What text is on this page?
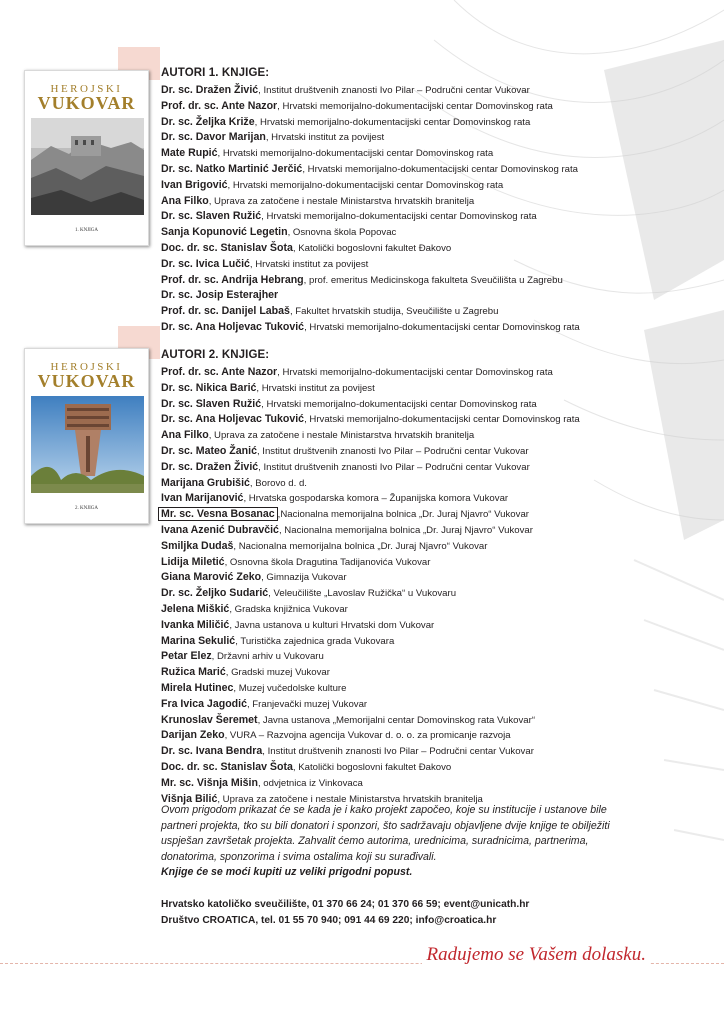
HEROJSKI
VUKOVAR
1. KNJIGA
HEROJSKI
VUKOVAR
2. KNJIGA
AUTORI 1. KNJIGE:
Dr. sc. Dražen Živić, Institut društvenih znanosti Ivo Pilar – Područni centar Vukovar
Prof. dr. sc. Ante Nazor, Hrvatski memorijalno-dokumentacijski centar Domovinskog rata
Dr. sc. Željka Križe, Hrvatski memorijalno-dokumentacijski centar Domovinskog rata
Dr. sc. Davor Marijan, Hrvatski institut za povijest
Mate Rupić, Hrvatski memorijalno-dokumentacijski centar Domovinskog rata
Dr. sc. Natko Martinić Jerčić, Hrvatski memorijalno-dokumentacijski centar Domovinskog rata
Ivan Brigović, Hrvatski memorijalno-dokumentacijski centar Domovinskog rata
Ana Filko, Uprava za zatočene i nestale Ministarstva hrvatskih branitelja
Dr. sc. Slaven Ružić, Hrvatski memorijalno-dokumentacijski centar Domovinskog rata
Sanja Kopunović Legetin, Osnovna škola Popovac
Doc. dr. sc. Stanislav Šota, Katolički bogoslovni fakultet Đakovo
Dr. sc. Ivica Lučić, Hrvatski institut za povijest
Prof. dr. sc. Andrija Hebrang, prof. emeritus Medicinskoga fakulteta Sveučilišta u Zagrebu
Dr. sc. Josip Esterajher
Prof. dr. sc. Danijel Labaš, Fakultet hrvatskih studija, Sveučilište u Zagrebu
Dr. sc. Ana Holjevac Tuković, Hrvatski memorijalno-dokumentacijski centar Domovinskog rata
AUTORI 2. KNJIGE:
Prof. dr. sc. Ante Nazor, Hrvatski memorijalno-dokumentacijski centar Domovinskog rata
Dr. sc. Nikica Barić, Hrvatski institut za povijest
Dr. sc. Slaven Ružić, Hrvatski memorijalno-dokumentacijski centar Domovinskog rata
Dr. sc. Ana Holjevac Tuković, Hrvatski memorijalno-dokumentacijski centar Domovinskog rata
Ana Filko, Uprava za zatočene i nestale Ministarstva hrvatskih branitelja
Dr. sc. Mateo Žanić, Institut društvenih znanosti Ivo Pilar – Područni centar Vukovar
Dr. sc. Dražen Živić, Institut društvenih znanosti Ivo Pilar – Područni centar Vukovar
Marijana Grubišić, Borovo d. d.
Ivan Marijanović, Hrvatska gospodarska komora – Županijska komora Vukovar
Mr. sc. Vesna Bosanac ,Nacionalna memorijalna bolnica „Dr. Juraj Njavro“ Vukovar
Ivana Azenić Dubravčić, Nacionalna memorijalna bolnica „Dr. Juraj Njavro“ Vukovar
Smiljka Dudaš, Nacionalna memorijalna bolnica „Dr. Juraj Njavro“ Vukovar
Lidija Miletić, Osnovna škola Dragutina Tadijanovića Vukovar
Giana Marović Zeko, Gimnazija Vukovar
Dr. sc. Željko Sudarić, Veleučilište „Lavoslav Ružička“ u Vukovaru
Jelena Miškić, Gradska knjižnica Vukovar
Ivanka Miličić, Javna ustanova u kulturi Hrvatski dom Vukovar
Marina Sekulić, Turistička zajednica grada Vukovara
Petar Elez, Državni arhiv u Vukovaru
Ružica Marić, Gradski muzej Vukovar
Mirela Hutinec, Muzej vučedolske kulture
Fra Ivica Jagodić, Franjevački muzej Vukovar
Krunoslav Šeremet, Javna ustanova „Memorijalni centar Domovinskog rata Vukovar“
Darijan Zeko, VURA – Razvojna agencija Vukovar d. o. o. za promicanje razvoja
Dr. sc. Ivana Bendra, Institut društvenih znanosti Ivo Pilar – Područni centar Vukovar
Doc. dr. sc. Stanislav Šota, Katolički bogoslovni fakultet Đakovo
Mr. sc. Višnja Mišin, odvjetnica iz Vinkovaca
Višnja Bilić, Uprava za zatočene i nestale Ministarstva hrvatskih branitelja
Ovom prigodom prikazat će se kada je i kako projekt započeo, koje su institucije i ustanove bile
partneri projekta, tko su bili donatori i sponzori, što sadržavaju objavljene dvije knjige te obilježiti
uspješan završetak projekta. Zahvalit ćemo autorima, urednicima, suradnicima, partnerima,
donatorima, sponzorima i svima ostalima koji su surađivali.
Knjige će se moći kupiti uz veliki prigodni popust.
Hrvatsko katoličko sveučilište, 01 370 66 24; 01 370 66 59; event@unicath.hr
Društvo CROATICA, tel. 01 55 70 940; 091 44 69 220; info@croatica.hr
Radujemo se Vašem dolasku.
